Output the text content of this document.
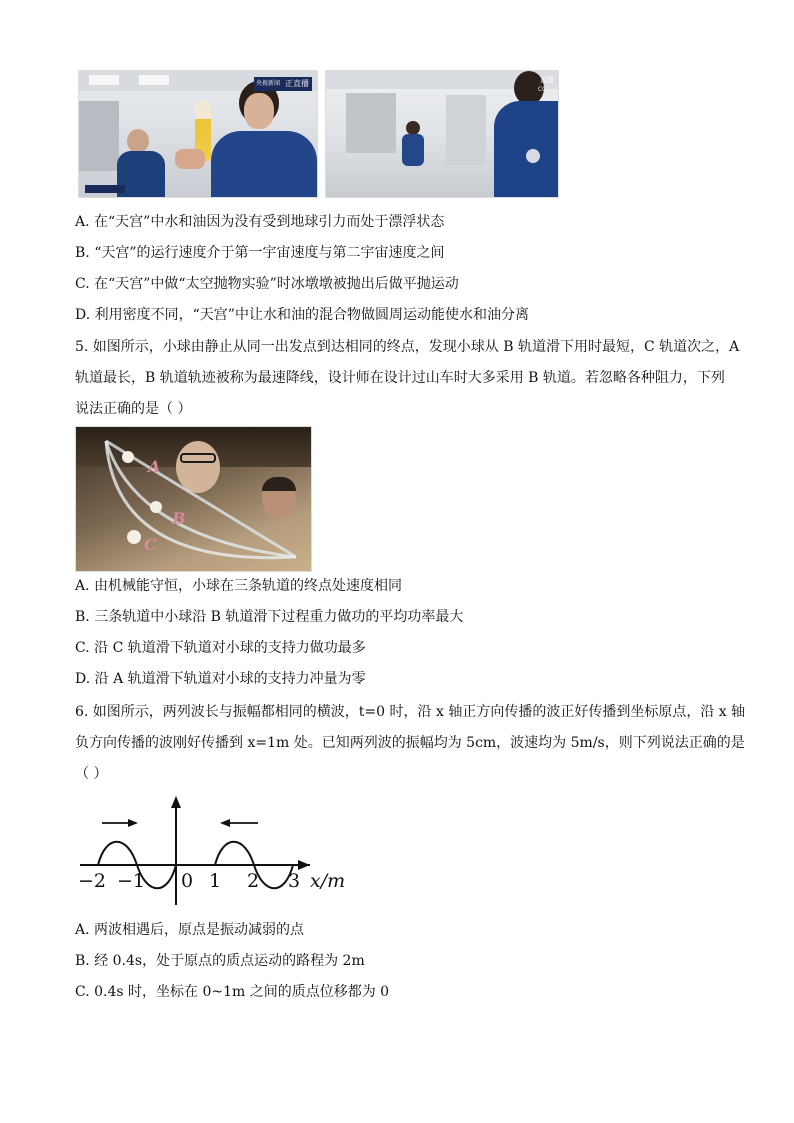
央视新闻 正直播	直播
CCTV
A. 在“天宫”中水和油因为没有受到地球引力而处于漂浮状态
B. “天宫”的运行速度介于第一宇宙速度与第二宇宙速度之间
C. 在“天宫”中做“太空抛物实验”时冰墩墩被抛出后做平抛运动
D. 利用密度不同，“天宫”中让水和油的混合物做圆周运动能使水和油分离
5. 如图所示，小球由静止从同一出发点到达相同的终点，发现小球从 B 轨道滑下用时最短，C 轨道次之，A
轨道最长，B 轨道轨迹被称为最速降线，设计师在设计过山车时大多采用 B 轨道。若忽略各种阻力，下列
说法正确的是（ ）
A
B
C
A. 由机械能守恒，小球在三条轨道的终点处速度相同
B. 三条轨道中小球沿 B 轨道滑下过程重力做功的平均功率最大
C. 沿 C 轨道滑下轨道对小球的支持力做功最多
D. 沿 A 轨道滑下轨道对小球的支持力冲量为零
6. 如图所示，两列波长与振幅都相同的横波，t=0 时，沿 x 轴正方向传播的波正好传播到坐标原点，沿 x 轴
负方向传播的波刚好传播到 x=1m 处。已知两列波的振幅均为 5cm，波速均为 5m/s，则下列说法正确的是
（ ）
−2 −1 0 1 2 3 x/m
A. 两波相遇后，原点是振动减弱的点
B. 经 0.4s，处于原点的质点运动的路程为 2m
C. 0.4s 时，坐标在 0~1m 之间的质点位移都为 0
